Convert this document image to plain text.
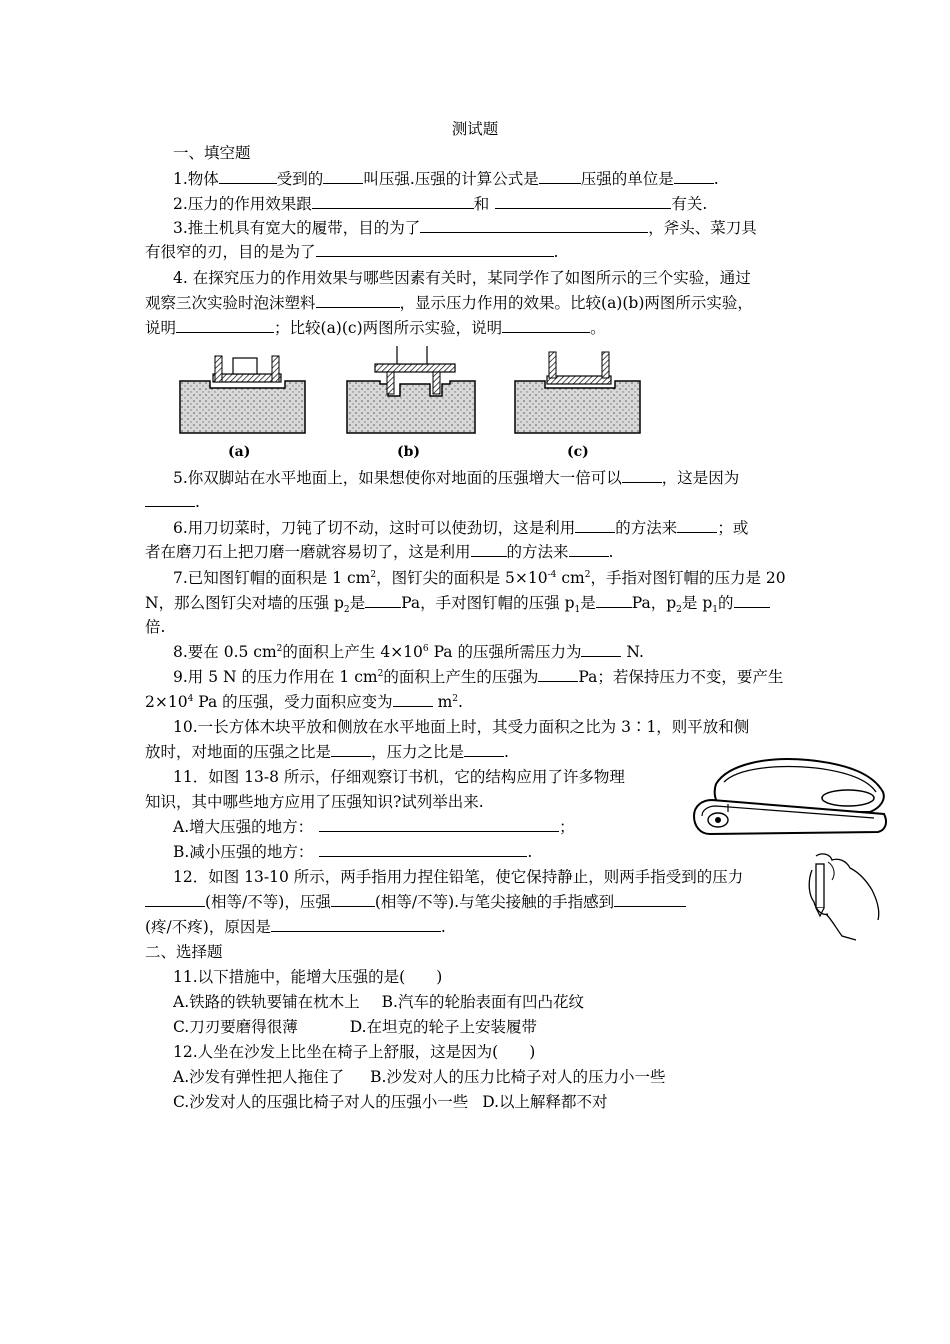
测试题
一、填空题
1.物体	受到的	叫压强.压强的计算公式是	压强的单位是	.
2.压力的作用效果跟	和	有关.
3.推土机具有宽大的履带，目的为了	，斧头、菜刀具
有很窄的刃，目的是为了	.
4. 在探究压力的作用效果与哪些因素有关时，某同学作了如图所示的三个实验，通过
观察三次实验时泡沫塑料	，显示压力作用的效果。比较(a)(b)两图所示实验，
说明	；比较(a)(c)两图所示实验，说明	。
(a)	(b)	(c)
5.你双脚站在水平地面上，如果想使你对地面的压强增大一倍可以	，这是因为
.
6.用刀切菜时，刀钝了切不动，这时可以使劲切，这是利用	的方法来	；或
者在磨刀石上把刀磨一磨就容易切了，这是利用 的方法来	.
7.已知图钉帽的面积是 1 $cm^2$，图钉尖的面积是 $5\times 10^{-4}$ $cm^2$，手指对图钉帽的压力是 20
N，那么图钉尖对墙的压强 $p_2$是 Pa，手对图钉帽的压强 $p_1$是 Pa，$p_2$是 $p_1$的
倍.
8.要在 0.5 $cm^2$的面积上产生 $4\times 10^6$ Pa 的压强所需压力为	N.
9.用 5 N 的压力作用在 1 $cm^2$的面积上产生的压强为	Pa；若保持压力不变，要产生
$2\times 10^4$ Pa 的压强，受力面积应变为	$m^2$.
10.一长方体木块平放和侧放在水平地面上时，其受力面积之比为 3∶1，则平放和侧
放时，对地面的压强之比是	，压力之比是	.
11．如图 13-8 所示，仔细观察订书机，它的结构应用了许多物理
知识，其中哪些地方应用了压强知识?试列举出来.
A.增大压强的地方：	；
B.减小压强的地方：	.
12．如图 13-10 所示，两手指用力捏住铅笔，使它保持静止，则两手指受到的压力
(相等/不等)，压强	(相等/不等).与笔尖接触的手指感到
(疼/不疼)，原因是	.
二、选择题
11.以下措施中，能增大压强的是(　　)
A.铁路的铁轨要铺在枕木上 B.汽车的轮胎表面有凹凸花纹
C.刀刃要磨得很薄	D.在坦克的轮子上安装履带
12.人坐在沙发上比坐在椅子上舒服，这是因为(　　)
A.沙发有弹性把人拖住了 B.沙发对人的压力比椅子对人的压力小一些
C.沙发对人的压强比椅子对人的压强小一些 D.以上解释都不对
